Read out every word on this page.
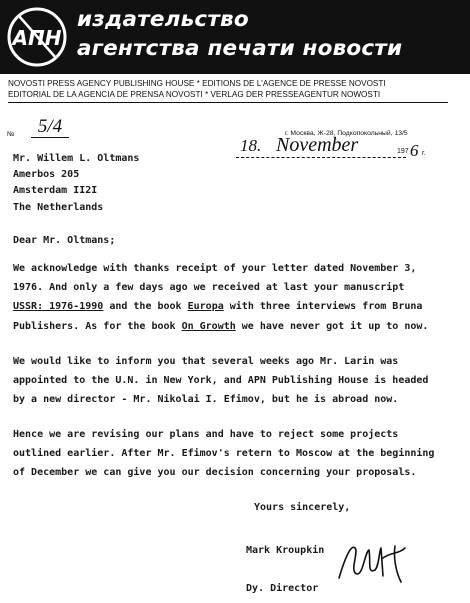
АПН
издательство
агентства печати новости
NOVOSTI PRESS AGENCY PUBLISHING HOUSE * EDITIONS DE L'AGENCE DE PRESSE NOVOSTI
EDITORIAL DE LA AGENCIA DE PRENSA NOVOSTI * VERLAG DER PRESSEAGENTUR NOWOSTI
№	5/4	г. Москва, Ж-28, Подкопокольный, 13/5
18. November	197 6 г.
Mr. Willem L. Oltmans
Amerbos 205
Amsterdam II2I
The Netherlands
Dear Mr. Oltmans;
We acknowledge with thanks receipt of your letter dated November 3,
1976. And only a few days ago we received at last your manuscript
USSR: 1976-1990 and the book Europa with three interviews from Bruna
Publishers. As for the book On Growth we have never got it up to now.
We would like to inform you that several weeks ago Mr. Larin was
appointed to the U.N. in New York, and APN Publishing House is headed
by a new director - Mr. Nikolai I. Efimov, but he is abroad now.
Hence we are revising our plans and have to reject some projects
outlined earlier. After Mr. Efimov's retern to Moscow at the beginning
of December we can give you our decision concerning your proposals.
Yours sincerely,
Mark Kroupkin
Dy. Director
